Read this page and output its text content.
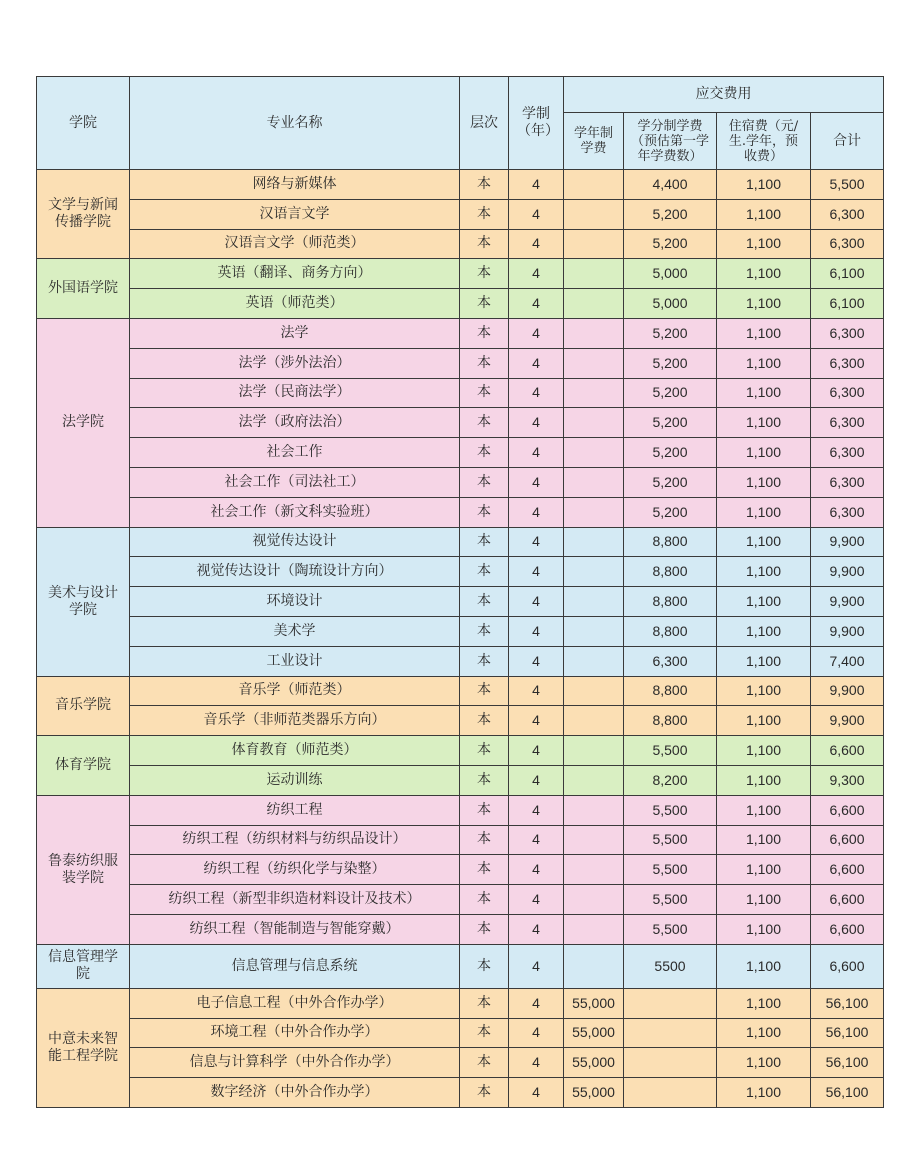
学院	专业名称	层次	学制（年）	应交费用			
				学年制学费	学分制学费（预估第一学年学费数）	住宿费（元/生.学年，预收费）	合计
文学与新闻传播学院	网络与新媒体	本	4		4,400	1,100	5,500
	汉语言文学	本	4		5,200	1,100	6,300
	汉语言文学（师范类）	本	4		5,200	1,100	6,300
外国语学院	英语（翻译、商务方向）	本	4		5,000	1,100	6,100
	英语（师范类）	本	4		5,000	1,100	6,100
法学院	法学	本	4		5,200	1,100	6,300
	法学（涉外法治）	本	4		5,200	1,100	6,300
	法学（民商法学）	本	4		5,200	1,100	6,300
	法学（政府法治）	本	4		5,200	1,100	6,300
	社会工作	本	4		5,200	1,100	6,300
	社会工作（司法社工）	本	4		5,200	1,100	6,300
	社会工作（新文科实验班）	本	4		5,200	1,100	6,300
美术与设计学院	视觉传达设计	本	4		8,800	1,100	9,900
	视觉传达设计（陶琉设计方向）	本	4		8,800	1,100	9,900
	环境设计	本	4		8,800	1,100	9,900
	美术学	本	4		8,800	1,100	9,900
	工业设计	本	4		6,300	1,100	7,400
音乐学院	音乐学（师范类）	本	4		8,800	1,100	9,900
	音乐学（非师范类器乐方向）	本	4		8,800	1,100	9,900
体育学院	体育教育（师范类）	本	4		5,500	1,100	6,600
	运动训练	本	4		8,200	1,100	9,300
鲁泰纺织服装学院	纺织工程	本	4		5,500	1,100	6,600
	纺织工程（纺织材料与纺织品设计）	本	4		5,500	1,100	6,600
	纺织工程（纺织化学与染整）	本	4		5,500	1,100	6,600
	纺织工程（新型非织造材料设计及技术）	本	4		5,500	1,100	6,600
	纺织工程（智能制造与智能穿戴）	本	4		5,500	1,100	6,600
信息管理学院	信息管理与信息系统	本	4		5500	1,100	6,600
中意未来智能工程学院	电子信息工程（中外合作办学）	本	4	55,000		1,100	56,100
	环境工程（中外合作办学）	本	4	55,000		1,100	56,100
	信息与计算科学（中外合作办学）	本	4	55,000		1,100	56,100
	数字经济（中外合作办学）	本	4	55,000		1,100	56,100
